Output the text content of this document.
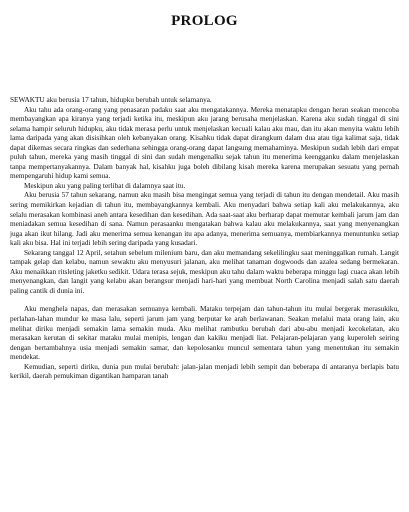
PROLOG

SEWAKTU aku berusia 17 tahun, hidupku berubah untuk selamanya.

Aku tahu ada orang-orang yang penasaran padaku saat aku mengatakannya. Mereka menatapku dengan heran seakan mencoba membayangkan apa kiranya yang terjadi ketika itu, meskipun aku jarang berusaha menjelaskan. Karena aku sudah tinggal di sini selama hampir seluruh hidupku, aku tidak merasa perlu untuk menjelaskan kecuali kalau aku mau, dan itu akan menyita waktu lebih lama daripada yang akan disisihkan oleh kebanyakan orang. Kisahku tidak dapat dirangkum dalam dua atau tiga kalimat saja, tidak dapat dikemas secara ringkas dan sederhana sehingga orang-orang dapat langsung memahaminya. Meskipun sudah lebih dari empat puluh tahun, mereka yang masih tinggal di sini dan sudah mengenalku sejak tahun itu menerima keengganku dalam menjelaskan tanpa mempertanyakannya. Dalam banyak hal, kisahku juga boleh dibilang kisah mereka karena merupakan sesuatu yang pernah mempengaruhi hidup kami semua.

Meskipun aku yang paling terlibat di dalamnya saat itu.

Aku berusia 57 tahun sekarang, namun aku masih bisa mengingat semua yang terjadi di tahun itu dengan mendetail. Aku masih sering memikirkan kejadian di tahun itu, membayangkannya kembali. Aku menyadari bahwa setiap kali aku melakukannya, aku selalu merasakan kombinasi aneh antara kesedihan dan kesedihan. Ada saat-saat aku berharap dapat memutar kembali jarum jam dan meniadakan semua kesedihan di sana. Namun perasaanku mengatakan bahwa kalau aku melakukannya, saat yang menyenangkan juga akan ikut hilang. Jadi aku menerima semua kenangan itu apa adanya, menerima semuanya, membiarkannya menuntunku setiap kali aku bisa. Hal ini terjadi lebih sering daripada yang kusadari.

Sekarang tanggal 12 April, setahun sebelum milenium baru, dan aku memandang sekelilingku saat meninggalkan rumah. Langit tampak gelap dan kelabu, namun sewaktu aku menyusuri jalanan, aku melihat tanaman dogwoods dan azalea sedang bermekaran. Aku menaikkan ritsleting jaketku sedikit. Udara terasa sejuk, meskipun aku tahu dalam waktu beberapa minggu lagi cuaca akan lebih menyenangkan, dan langit yang kelabu akan berangsur menjadi hari-hari yang membuat North Carolina menjadi salah satu daerah paling cantik di dunia ini.

Aku menghela napas, dan merasakan semuanya kembali. Mataku terpejam dan tahun-tahun itu mulai bergerak merasukiku, perlahan-lahan mundur ke masa lalu, seperti jarum jam yang berputar ke arah berlawanan. Seakan melalui mata orang lain, aku melihat diriku menjadi semakin lama semakin muda. Aku melihat rambutku berubah dari abu-abu menjadi kecokelatan, aku merasakan kerutan di sekitar mataku mulai menipis, lengan dan kakiku menjadi liat. Pelajaran-pelajaran yang kuperoleh seiring dengan bertambahnya usia menjadi semakin samar, dan kepolosanku muncul sementara tahun yang menentukan itu semakin mendekat.

Kemudian, seperti diriku, dunia pun mulai berubah: jalan-jalan menjadi lebih sempit dan beberapa di antaranya berlapis batu kerikil, daerah pemukiman digantikan hamparan tanah
